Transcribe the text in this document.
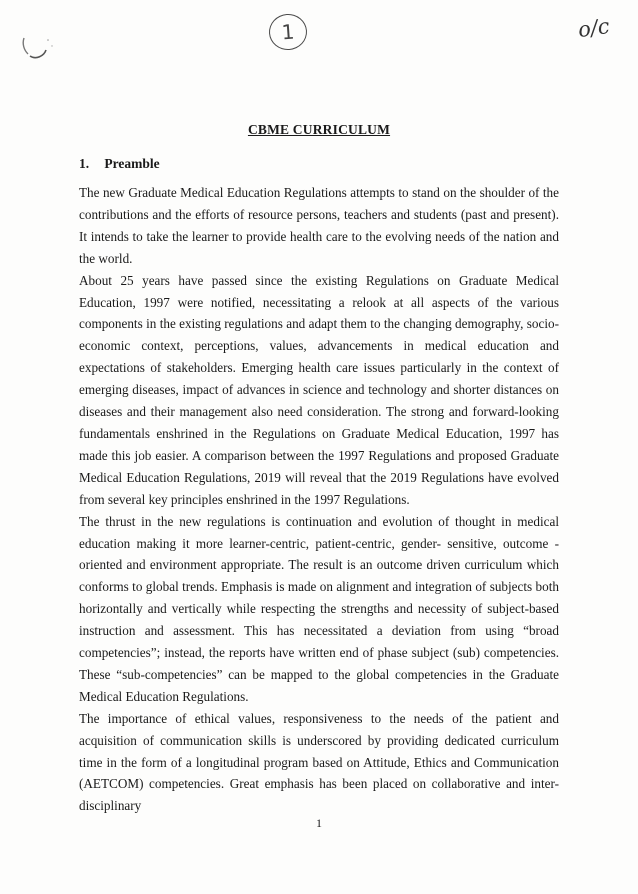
1	o/c
CBME CURRICULUM
1. Preamble

The new Graduate Medical Education Regulations attempts to stand on the shoulder of the contributions and the efforts of resource persons, teachers and students (past and present). It intends to take the learner to provide health care to the evolving needs of the nation and the world.

About 25 years have passed since the existing Regulations on Graduate Medical Education, 1997 were notified, necessitating a relook at all aspects of the various components in the existing regulations and adapt them to the changing demography, socio-economic context, perceptions, values, advancements in medical education and expectations of stakeholders. Emerging health care issues particularly in the context of emerging diseases, impact of advances in science and technology and shorter distances on diseases and their management also need consideration. The strong and forward-looking fundamentals enshrined in the Regulations on Graduate Medical Education, 1997 has made this job easier. A comparison between the 1997 Regulations and proposed Graduate Medical Education Regulations, 2019 will reveal that the 2019 Regulations have evolved from several key principles enshrined in the 1997 Regulations.

The thrust in the new regulations is continuation and evolution of thought in medical education making it more learner-centric, patient-centric, gender- sensitive, outcome -oriented and environment appropriate. The result is an outcome driven curriculum which conforms to global trends. Emphasis is made on alignment and integration of subjects both horizontally and vertically while respecting the strengths and necessity of subject-based instruction and assessment. This has necessitated a deviation from using “broad competencies”; instead, the reports have written end of phase subject (sub) competencies. These “sub-competencies” can be mapped to the global competencies in the Graduate Medical Education Regulations.

The importance of ethical values, responsiveness to the needs of the patient and acquisition of communication skills is underscored by providing dedicated curriculum time in the form of a longitudinal program based on Attitude, Ethics and Communication (AETCOM) competencies. Great emphasis has been placed on collaborative and inter-disciplinary

1
